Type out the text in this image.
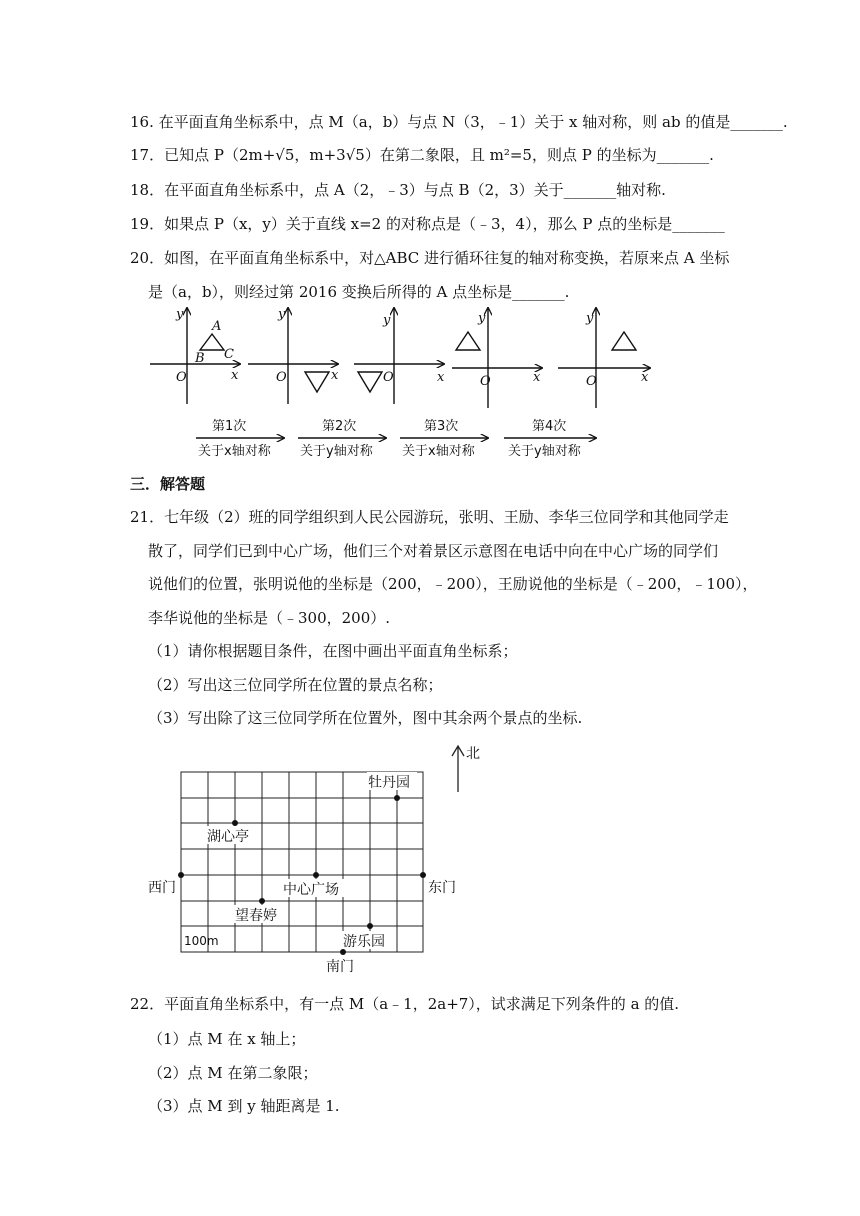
16. 在平面直角坐标系中，点 M（a，b）与点 N（3，﹣1）关于 x 轴对称，则 ab 的值是_______.
17．已知点 P（2m+√5，m+3√5）在第二象限，且 m²=5，则点 P 的坐标为_______.
18．在平面直角坐标系中，点 A（2，﹣3）与点 B（2，3）关于_______轴对称.
19．如果点 P（x，y）关于直线 x=2 的对称点是（﹣3，4），那么 P 点的坐标是_______
20．如图，在平面直角坐标系中，对△ABC 进行循环往复的轴对称变换，若原来点 A 坐标
是（a，b），则经过第 2016 变换后所得的 A 点坐标是_______.
y
A
B C
O	x
y
O	x
y
O	x
y
O	x
y
O	x
第1次
关于x轴对称
第2次
关于y轴对称
第3次
关于x轴对称
第4次
关于y轴对称
三．解答题
21．七年级（2）班的同学组织到人民公园游玩，张明、王励、李华三位同学和其他同学走
散了，同学们已到中心广场，他们三个对着景区示意图在电话中向在中心广场的同学们
说他们的位置，张明说他的坐标是（200，﹣200），王励说他的坐标是（﹣200，﹣100），
李华说他的坐标是（﹣300，200）.
（1）请你根据题目条件，在图中画出平面直角坐标系；
（2）写出这三位同学所在位置的景点名称；
（3）写出除了这三位同学所在位置外，图中其余两个景点的坐标.
北
牡丹园
湖心亭
西门	中心广场	东门
望春婷
100m	游乐园
南门
22．平面直角坐标系中，有一点 M（a﹣1，2a+7），试求满足下列条件的 a 的值.
（1）点 M 在 x 轴上；
（2）点 M 在第二象限；
（3）点 M 到 y 轴距离是 1.
